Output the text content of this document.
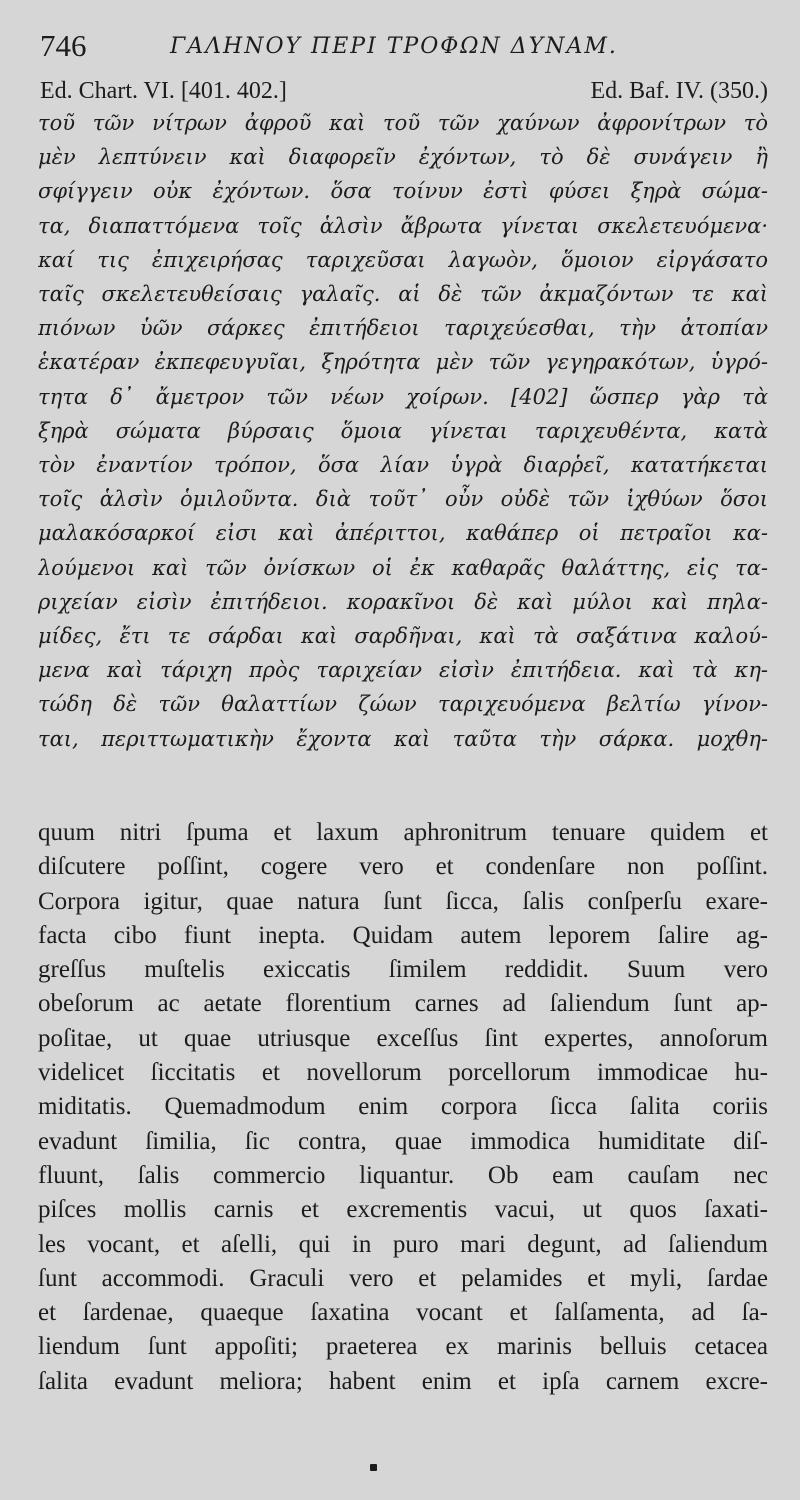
746	ΓΑΛΗΝΟΥ ΠΕΡΙ ΤΡΟΦΩΝ ΔΥΝΑΜ.
Ed. Chart. VI. [401. 402.]	Ed. Baf. IV. (350.)
τοῦ τῶν νίτρων ἀφροῦ καὶ τοῦ τῶν χαύνων ἀφρονίτρων τὸ
μὲν λεπτύνειν καὶ διαφορεῖν ἐχόντων, τὸ δὲ συνάγειν ἢ
σφίγγειν οὐκ ἐχόντων. ὅσα τοίνυν ἐστὶ φύσει ξηρὰ σώμα-
τα, διαπαττόμενα τοῖς ἁλσὶν ἄβρωτα γίνεται σκελετευόμενα·
καί τις ἐπιχειρήσας ταριχεῦσαι λαγωὸν, ὅμοιον εἰργάσατο
ταῖς σκελετευθείσαις γαλαῖς. αἱ δὲ τῶν ἀκμαζόντων τε καὶ
πιόνων ὑῶν σάρκες ἐπιτήδειοι ταριχεύεσθαι, τὴν ἀτοπίαν
ἑκατέραν ἐκπεφευγυῖαι, ξηρότητα μὲν τῶν γεγηρακότων, ὑγρό-
τητα δ᾽ ἄμετρον τῶν νέων χοίρων. [402] ὥσπερ γὰρ τὰ
ξηρὰ σώματα βύρσαις ὅμοια γίνεται ταριχευθέντα, κατὰ
τὸν ἐναντίον τρόπον, ὅσα λίαν ὑγρὰ διαρῥεῖ, κατατήκεται
τοῖς ἁλσὶν ὁμιλοῦντα. διὰ τοῦτ᾽ οὖν οὐδὲ τῶν ἰχθύων ὅσοι
μαλακόσαρκοί εἰσι καὶ ἀπέριττοι, καθάπερ οἱ πετραῖοι κα-
λούμενοι καὶ τῶν ὀνίσκων οἱ ἐκ καθαρᾶς θαλάττης, εἰς τα-
ριχείαν εἰσὶν ἐπιτήδειοι. κορακῖνοι δὲ καὶ μύλοι καὶ πηλα-
μίδες, ἔτι τε σάρδαι καὶ σαρδῆναι, καὶ τὰ σαξάτινα καλού-
μενα καὶ τάριχη πρὸς ταριχείαν εἰσὶν ἐπιτήδεια. καὶ τὰ κη-
τώδη δὲ τῶν θαλαττίων ζώων ταριχευόμενα βελτίω γίνον-
ται, περιττωματικὴν ἔχοντα καὶ ταῦτα τὴν σάρκα. μοχθη-
quum nitri ſpuma et laxum aphronitrum tenuare quidem et
diſcutere poſſint, cogere vero et condenſare non poſſint.
Corpora igitur, quae natura ſunt ſicca, ſalis conſperſu exare-
facta cibo fiunt inepta. Quidam autem leporem ſalire ag-
greſſus muſtelis exiccatis ſimilem reddidit. Suum vero
obeſorum ac aetate florentium carnes ad ſaliendum ſunt ap-
poſitae, ut quae utriusque exceſſus ſint expertes, annoſorum
videlicet ſiccitatis et novellorum porcellorum immodicae hu-
miditatis. Quemadmodum enim corpora ſicca ſalita coriis
evadunt ſimilia, ſic contra, quae immodica humiditate diſ-
fluunt, ſalis commercio liquantur. Ob eam cauſam nec
piſces mollis carnis et excrementis vacui, ut quos ſaxati-
les vocant, et aſelli, qui in puro mari degunt, ad ſaliendum
ſunt accommodi. Graculi vero et pelamides et myli, ſardae
et ſardenae, quaeque ſaxatina vocant et ſalſamenta, ad ſa-
liendum ſunt appoſiti; praeterea ex marinis belluis cetacea
ſalita evadunt meliora; habent enim et ipſa carnem excre-
